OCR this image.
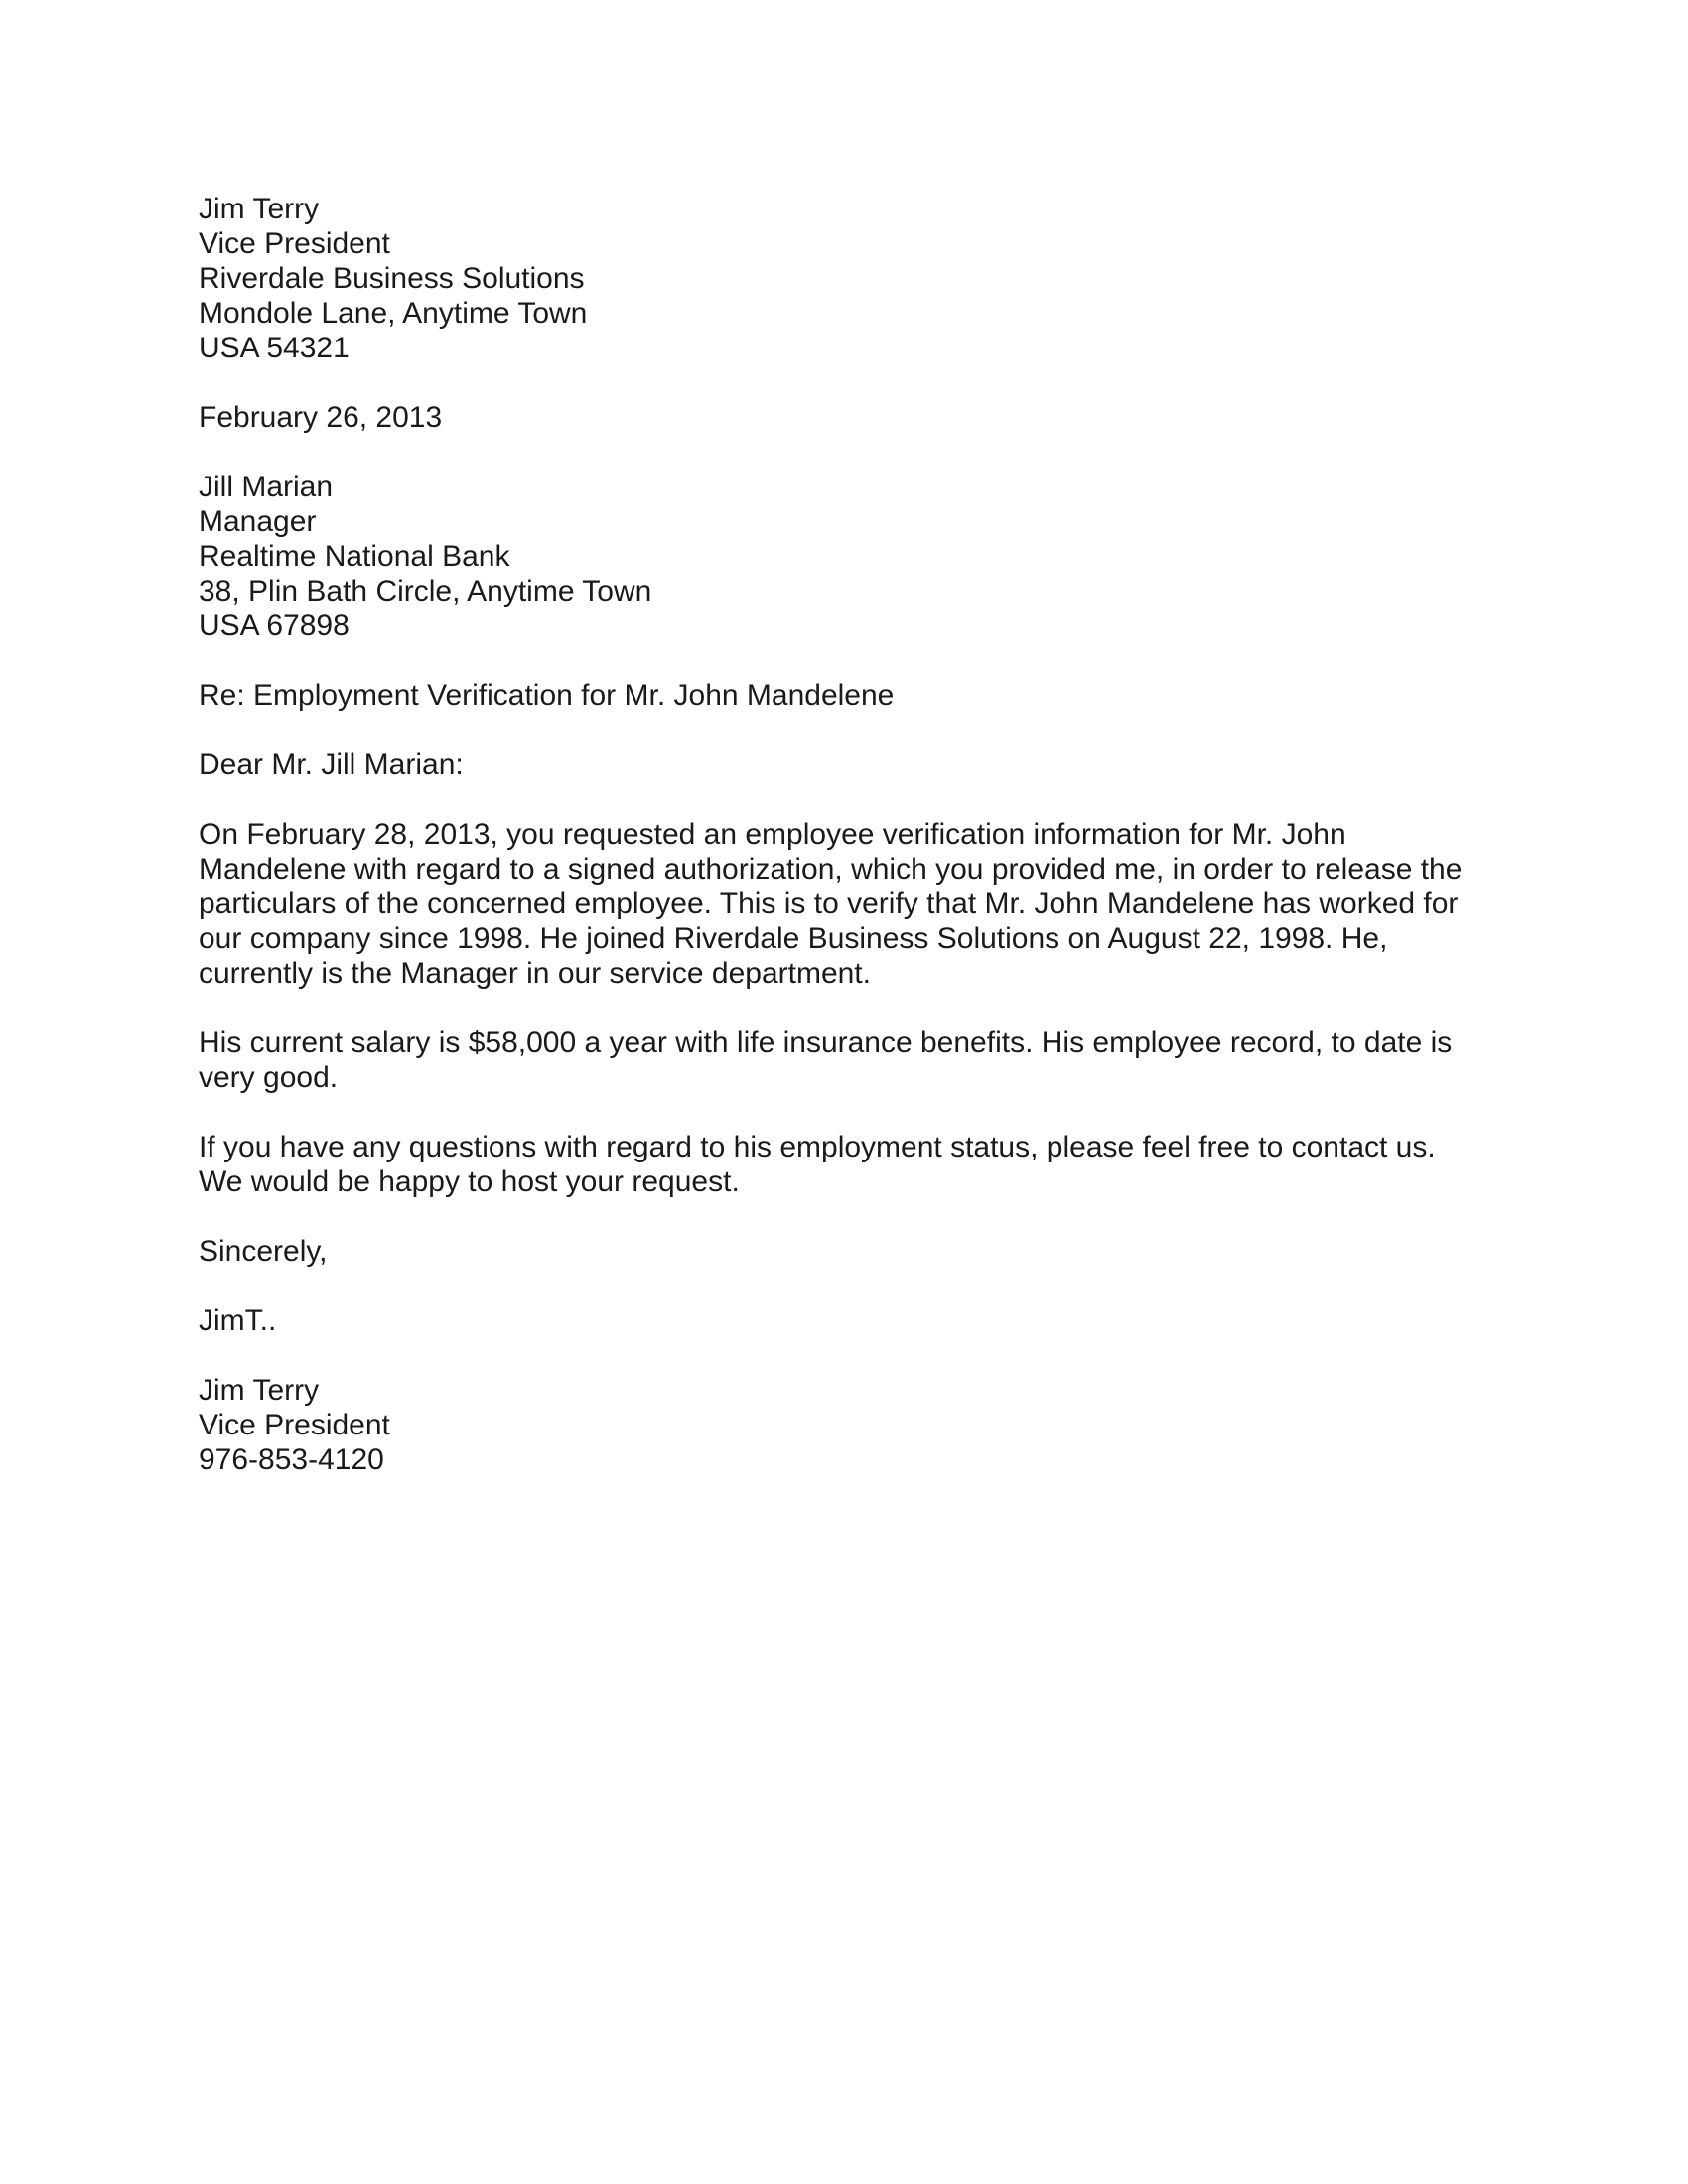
Jim Terry
Vice President
Riverdale Business Solutions
Mondole Lane, Anytime Town
USA 54321
February 26, 2013
Jill Marian
Manager
Realtime National Bank
38, Plin Bath Circle, Anytime Town
USA 67898
Re: Employment Verification for Mr. John Mandelene
Dear Mr. Jill Marian:
On February 28, 2013, you requested an employee verification information for Mr. John
Mandelene with regard to a signed authorization, which you provided me, in order to release the
particulars of the concerned employee. This is to verify that Mr. John Mandelene has worked for
our company since 1998. He joined Riverdale Business Solutions on August 22, 1998. He,
currently is the Manager in our service department.
His current salary is $58,000 a year with life insurance benefits. His employee record, to date is
very good.
If you have any questions with regard to his employment status, please feel free to contact us.
We would be happy to host your request.
Sincerely,
JimT..
Jim Terry
Vice President
976-853-4120
